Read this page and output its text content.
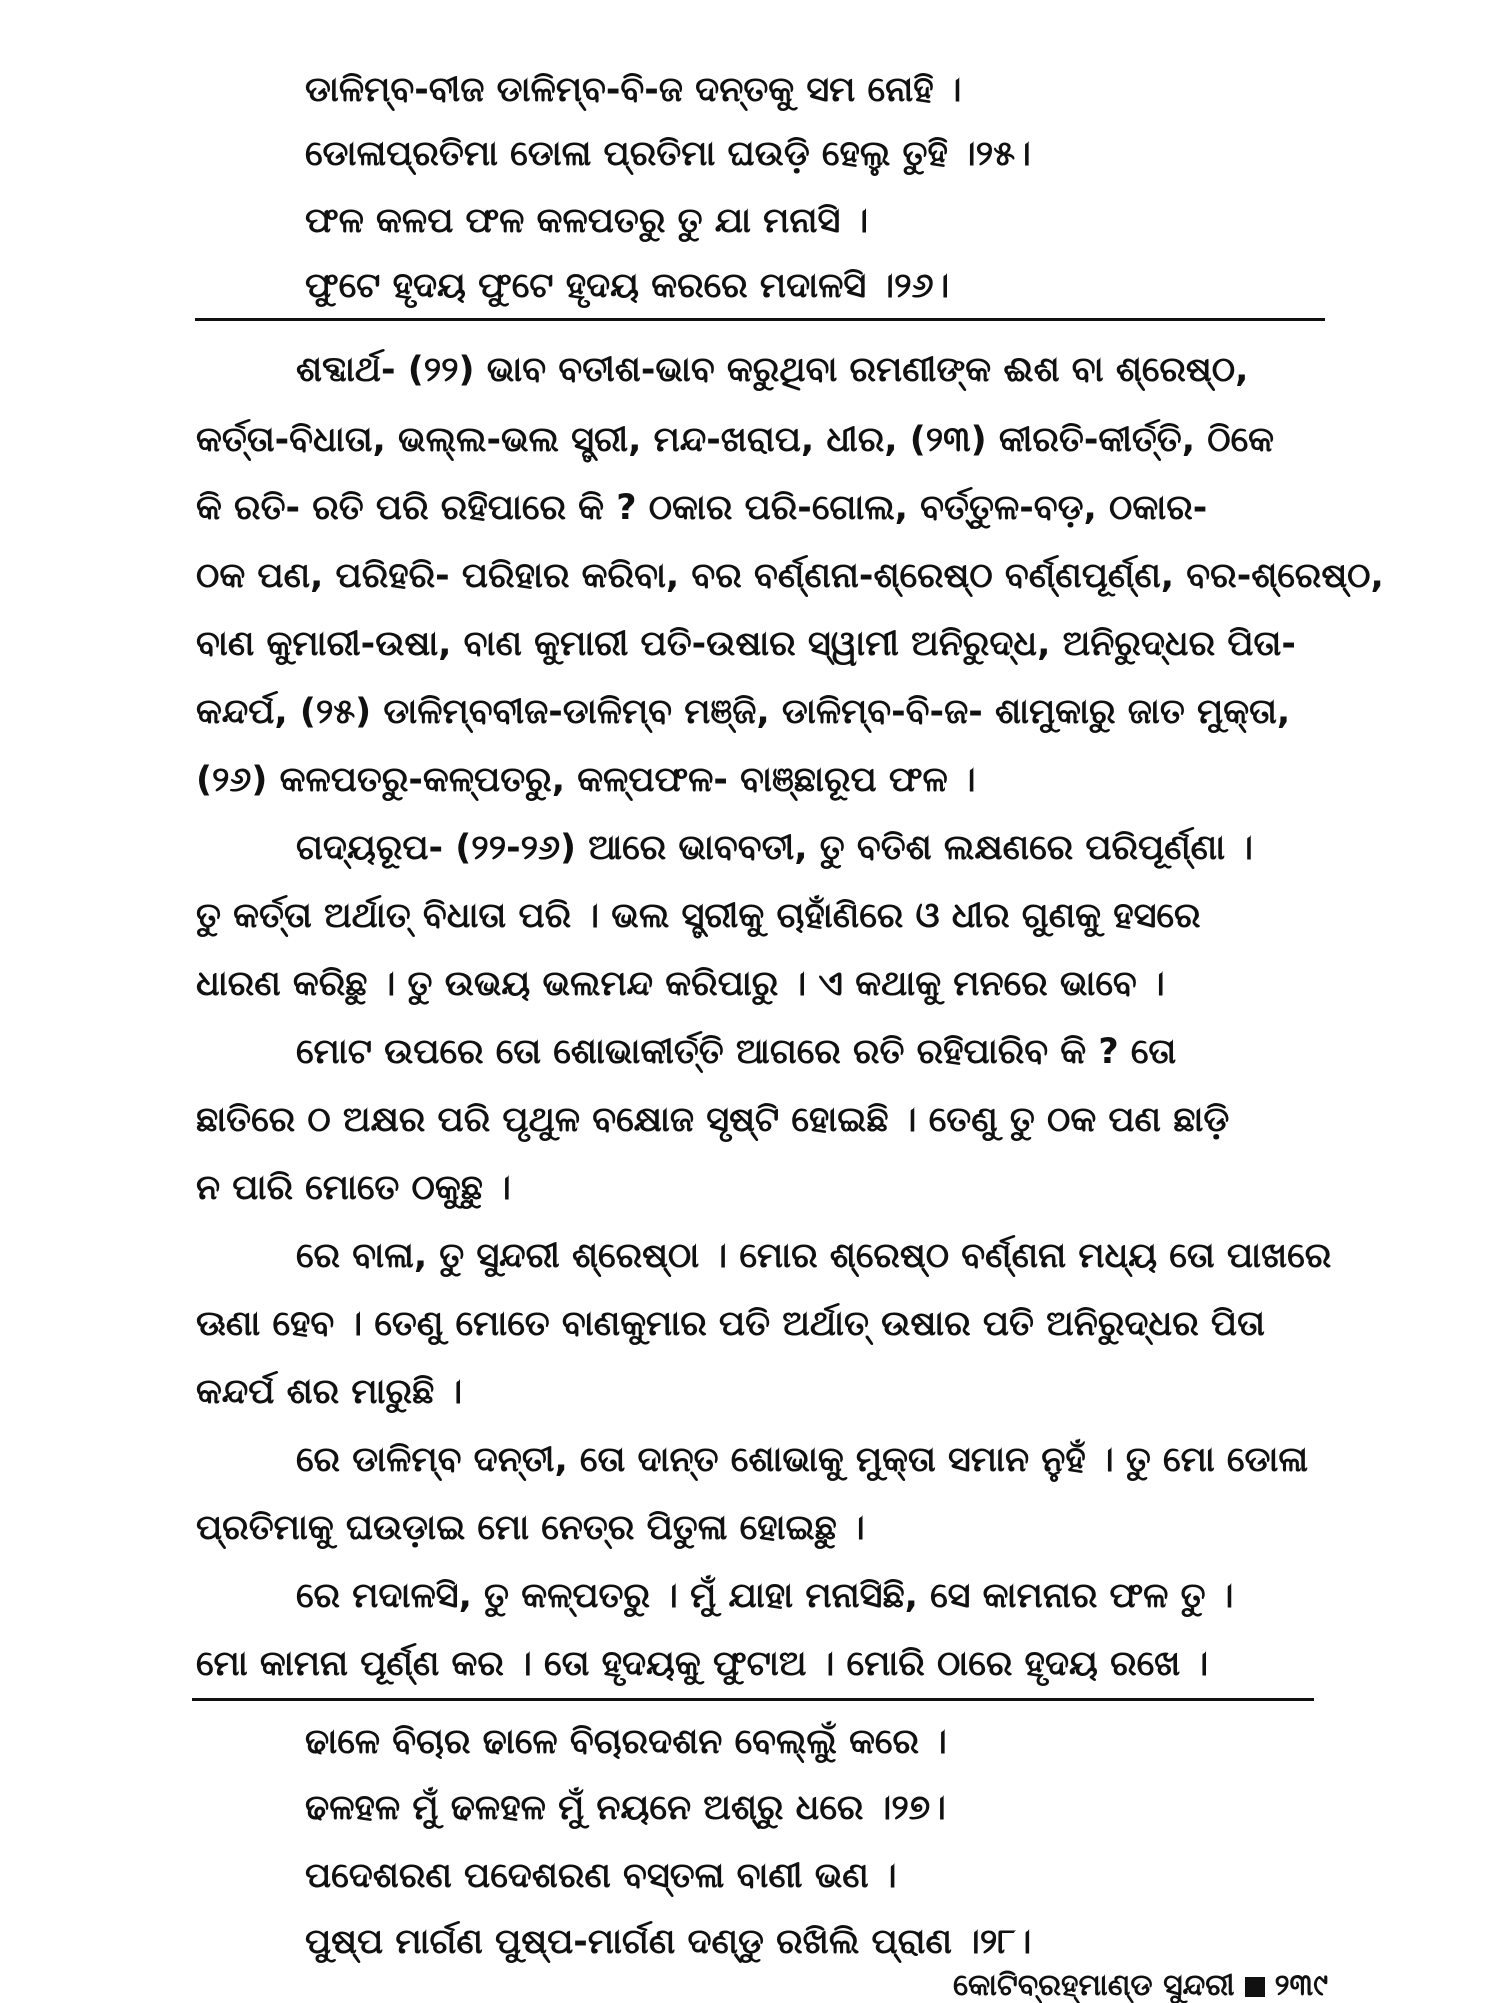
ଡାଳିମ୍ବ-ବୀଜ ଡାଳିମ୍ବ-ବି-ଜ ଦନ୍ତକୁ ସମ ନୋହି ।
ଡୋଳାପ୍ରତିମା ଡୋଳା ପ୍ରତିମା ଘଉଡ଼ି ହେଲୁ ତୁହି ।୨୫।
ଫଳ କଳପ ଫଳ କଳପତରୁ ତୁ ଯା ମନାସି ।
ଫୁଟେ ହୃଦୟ ଫୁଟେ ହୃଦୟ କରରେ ମଦାଳସି ।୨୬।
ଶବ୍ଦାର୍ଥ- (୨୨) ଭାବ ବତୀଶ-ଭାବ କରୁଥିବା ରମଣୀଙ୍କ ଈଶ ବା ଶ୍ରେଷ୍ଠ,
କର୍ତ୍ତା-ବିଧାତା, ଭଲ୍ଲ-ଭଲ ସ୍ତ୍ରୀ, ମନ୍ଦ-ଖରାପ, ଧୀର, (୨୩) କୀରତି-କୀର୍ତ୍ତି, ଠିକେ
କି ରତି- ରତି ପରି ରହିପାରେ କି ? ଠକାର ପରି-ଗୋଲ, ବର୍ତ୍ତୁଳ-ବଡ଼, ଠକାର-
ଠକ ପଣ, ପରିହରି- ପରିହାର କରିବା, ବର ବର୍ଣ୍ଣନା-ଶ୍ରେଷ୍ଠ ବର୍ଣ୍ଣପୂର୍ଣ୍ଣ, ବର-ଶ୍ରେଷ୍ଠ,
ବାଣ କୁମାରୀ-ଉଷା, ବାଣ କୁମାରୀ ପତି-ଉଷାର ସ୍ୱାମୀ ଅନିରୁଦ୍ଧ, ଅନିରୁଦ୍ଧର ପିତା-
କନ୍ଦର୍ପ, (୨୫) ଡାଳିମ୍ବବୀଜ-ଡାଳିମ୍ବ ମଞ୍ଜି, ଡାଳିମ୍ବ-ବି-ଜ- ଶାମୁକାରୁ ଜାତ ମୁକ୍ତା,
(୨୬) କଳପତରୁ-କଳ୍ପତରୁ, କଳ୍ପଫଳ- ବାଞ୍ଛାରୂପ ଫଳ ।
ଗଦ୍ୟରୂପ- (୨୨-୨୬) ଆରେ ଭାବବତୀ, ତୁ ବତିଶ ଲକ୍ଷଣରେ ପରିପୂର୍ଣ୍ଣା ।
ତୁ କର୍ତ୍ତା ଅର୍ଥାତ୍ ବିଧାତା ପରି । ଭଲ ସ୍ତ୍ରୀକୁ ଚାହାଁଣିରେ ଓ ଧୀର ଗୁଣକୁ ହସରେ
ଧାରଣ କରିଛୁ । ତୁ ଉଭୟ ଭଲମନ୍ଦ କରିପାରୁ । ଏ କଥାକୁ ମନରେ ଭାବେ ।
ମୋଟ ଉପରେ ତୋ ଶୋଭାକୀର୍ତ୍ତି ଆଗରେ ରତି ରହିପାରିବ କି ? ତୋ
ଛାତିରେ ଠ ଅକ୍ଷର ପରି ପୃଥୁଳ ବକ୍ଷୋଜ ସୃଷ୍ଟି ହୋଇଛି । ତେଣୁ ତୁ ଠକ ପଣ ଛାଡ଼ି
ନ ପାରି ମୋତେ ଠକୁଛୁ ।
ରେ ବାଳା, ତୁ ସୁନ୍ଦରୀ ଶ୍ରେଷ୍ଠା । ମୋର ଶ୍ରେଷ୍ଠ ବର୍ଣ୍ଣନା ମଧ୍ୟ ତୋ ପାଖରେ
ଊଣା ହେବ । ତେଣୁ ମୋତେ ବାଣକୁମାର ପତି ଅର୍ଥାତ୍ ଉଷାର ପତି ଅନିରୁଦ୍ଧର ପିତା
କନ୍ଦର୍ପ ଶର ମାରୁଛି ।
ରେ ଡାଳିମ୍ବ ଦନ୍ତୀ, ତୋ ଦାନ୍ତ ଶୋଭାକୁ ମୁକ୍ତା ସମାନ ନୁହଁ । ତୁ ମୋ ଡୋଳା
ପ୍ରତିମାକୁ ଘଉଡ଼ାଇ ମୋ ନେତ୍ର ପିତୁଳା ହୋଇଛୁ ।
ରେ ମଦାଳସି, ତୁ କଳ୍ପତରୁ । ମୁଁ ଯାହା ମନାସିଛି, ସେ କାମନାର ଫଳ ତୁ ।
ମୋ କାମନା ପୂର୍ଣ୍ଣ କର । ତୋ ହୃଦୟକୁ ଫୁଟାଅ । ମୋରି ଠାରେ ହୃଦୟ ରଖେ ।
ଢାଳେ ବିଚାର ଢାଳେ ବିଚାରଦଶନ ବେଲ୍ଲୁଁ କରେ ।
ଢଳହଳ ମୁଁ ଢଳହଳ ମୁଁ ନୟନେ ଅଶ୍ରୁ ଧରେ ।୨୭।
ପଦେଶରଣ ପଦେଶରଣ ବସ୍ତଳା ବାଣୀ ଭଣ ।
ପୁଷ୍ପ ମାର୍ଗଣ ପୁଷ୍ପ-ମାର୍ଗଣ ଦଣ୍ଡୁ ରଖିଲି ପ୍ରାଣ ।୨୮।
କୋଟିବ୍ରହ୍ମାଣ୍ଡ ସୁନ୍ଦରୀ ୨୩୯
